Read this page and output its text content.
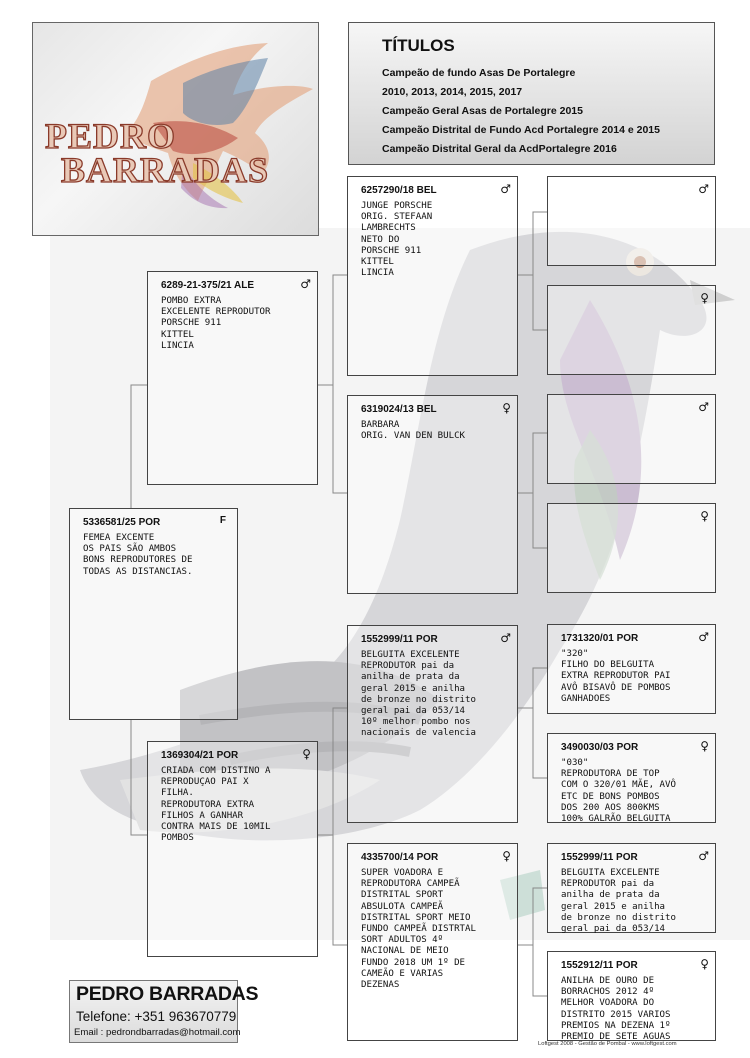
PEDRO
BARRADAS
TÍTULOS
Campeão de fundo Asas De Portalegre
2010, 2013, 2014, 2015, 2017
Campeão Geral Asas de Portalegre 2015
Campeão Distrital de Fundo Acd Portalegre 2014 e 2015
Campeão Distrital Geral da AcdPortalegre 2016
5336581/25 POR	F
FEMEA EXCENTE
OS PAIS SÃO AMBOS
BONS REPRODUTORES DE
TODAS AS DISTANCIAS.
6289-21-375/21 ALE	♂
POMBO EXTRA
EXCELENTE REPRODUTOR
PORSCHE 911
KITTEL
LINCIA
1369304/21 POR	♀
CRIADA COM DISTINO A
REPRODUÇAO PAI X
FILHA.
REPRODUTORA EXTRA
FILHOS A GANHAR
CONTRA MAIS DE 10MIL
POMBOS
6257290/18 BEL	♂
JUNGE PORSCHE
ORIG. STEFAAN
LAMBRECHTS
NETO DO
PORSCHE 911
KITTEL
LINCIA
6319024/13 BEL	♀
BARBARA
ORIG. VAN DEN BULCK
1552999/11 POR	♂
BELGUITA EXCELENTE
REPRODUTOR pai da
anilha de prata da
geral 2015 e anilha
de bronze no distrito
geral pai da 053/14
10º melhor pombo nos
nacionais de valencia
4335700/14 POR	♀
SUPER VOADORA E
REPRODUTORA CAMPEÃ
DISTRITAL SPORT
ABSULOTA CAMPEÃ
DISTRITAL SPORT MEIO
FUNDO CAMPEÃ DISTRTAL
SORT ADULTOS 4º
NACIONAL DE MEIO
FUNDO 2018 UM 1º DE
CAMEÃO E VARIAS
DEZENAS
♂
♀
♂
♀
1731320/01 POR	♂
"320"
FILHO DO BELGUITA
EXTRA REPRODUTOR PAI
AVÔ BISAVÔ DE POMBOS
GANHADOES
3490030/03 POR	♀
"030"
REPRODUTORA DE TOP
COM O 320/01 MÃE, AVÔ
ETC DE BONS POMBOS
DOS 200 AOS 800KMS
100% GALRÃO BELGUITA
1552999/11 POR	♂
BELGUITA EXCELENTE
REPRODUTOR pai da
anilha de prata da
geral 2015 e anilha
de bronze no distrito
geral pai da 053/14
1552912/11 POR	♀
ANILHA DE OURO DE
BORRACHOS 2012 4º
MELHOR VOADORA DO
DISTRITO 2015 VARIOS
PREMIOS NA DEZENA 1º
PREMIO DE SETE AGUAS
PEDRO BARRADAS
Telefone: +351 963670779
Email : pedrondbarradas@hotmail.com
Loftgest 2008 - Gestão de Pombal - www.loftgest.com
